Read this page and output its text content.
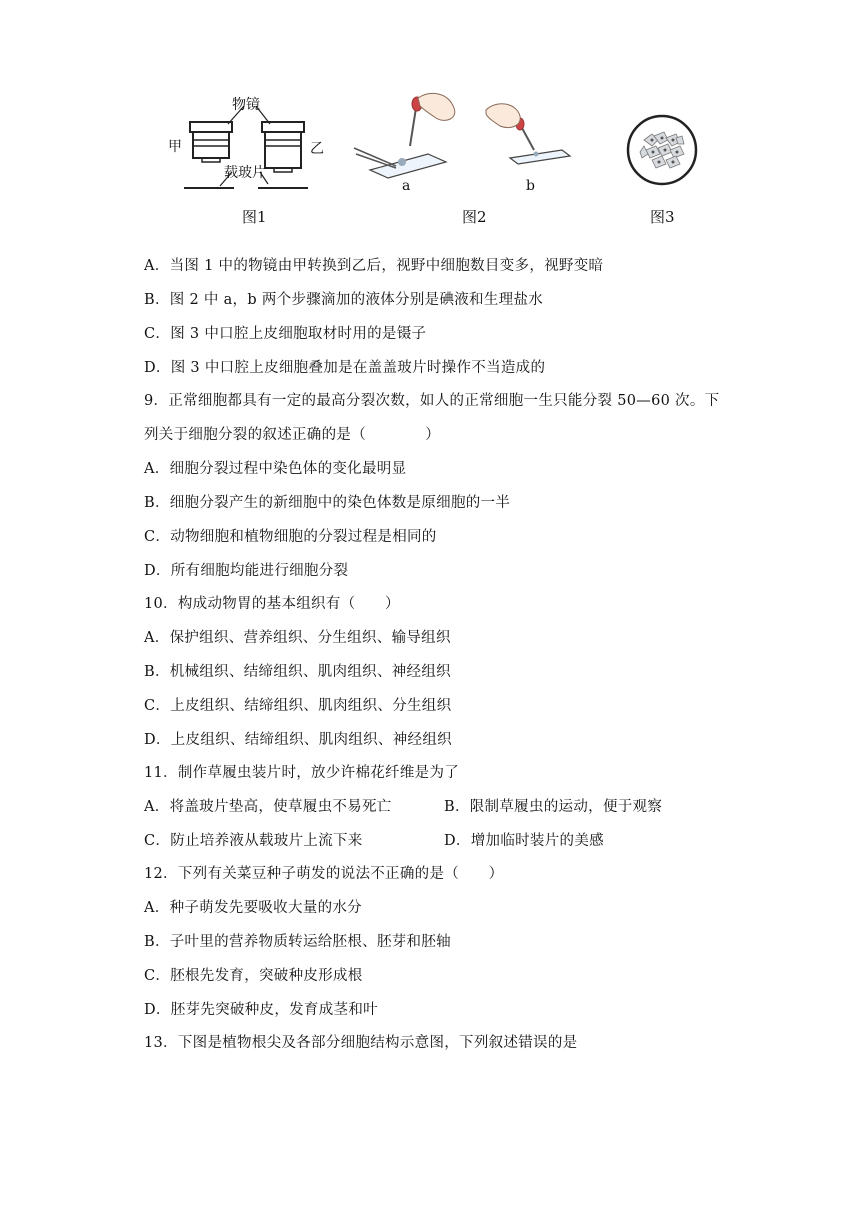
物镜
甲	乙
载玻片
图1
a	b
图2	图3
A．当图 1 中的物镜由甲转换到乙后，视野中细胞数目变多，视野变暗
B．图 2 中 a，b 两个步骤滴加的液体分别是碘液和生理盐水
C．图 3 中口腔上皮细胞取材时用的是镊子
D．图 3 中口腔上皮细胞叠加是在盖盖玻片时操作不当造成的
9．正常细胞都具有一定的最高分裂次数，如人的正常细胞一生只能分裂 50—60 次。下
列关于细胞分裂的叙述正确的是（　　　　）
A．细胞分裂过程中染色体的变化最明显
B．细胞分裂产生的新细胞中的染色体数是原细胞的一半
C．动物细胞和植物细胞的分裂过程是相同的
D．所有细胞均能进行细胞分裂
10．构成动物胃的基本组织有（　　）
A．保护组织、营养组织、分生组织、输导组织
B．机械组织、结缔组织、肌肉组织、神经组织
C．上皮组织、结缔组织、肌肉组织、分生组织
D．上皮组织、结缔组织、肌肉组织、神经组织
11．制作草履虫装片时，放少许棉花纤维是为了
A．将盖玻片垫高，使草履虫不易死亡	B．限制草履虫的运动，便于观察
C．防止培养液从载玻片上流下来	D．增加临时装片的美感
12．下列有关菜豆种子萌发的说法不正确的是（　　）
A．种子萌发先要吸收大量的水分
B．子叶里的营养物质转运给胚根、胚芽和胚轴
C．胚根先发育，突破种皮形成根
D．胚芽先突破种皮，发育成茎和叶
13．下图是植物根尖及各部分细胞结构示意图，下列叙述错误的是
